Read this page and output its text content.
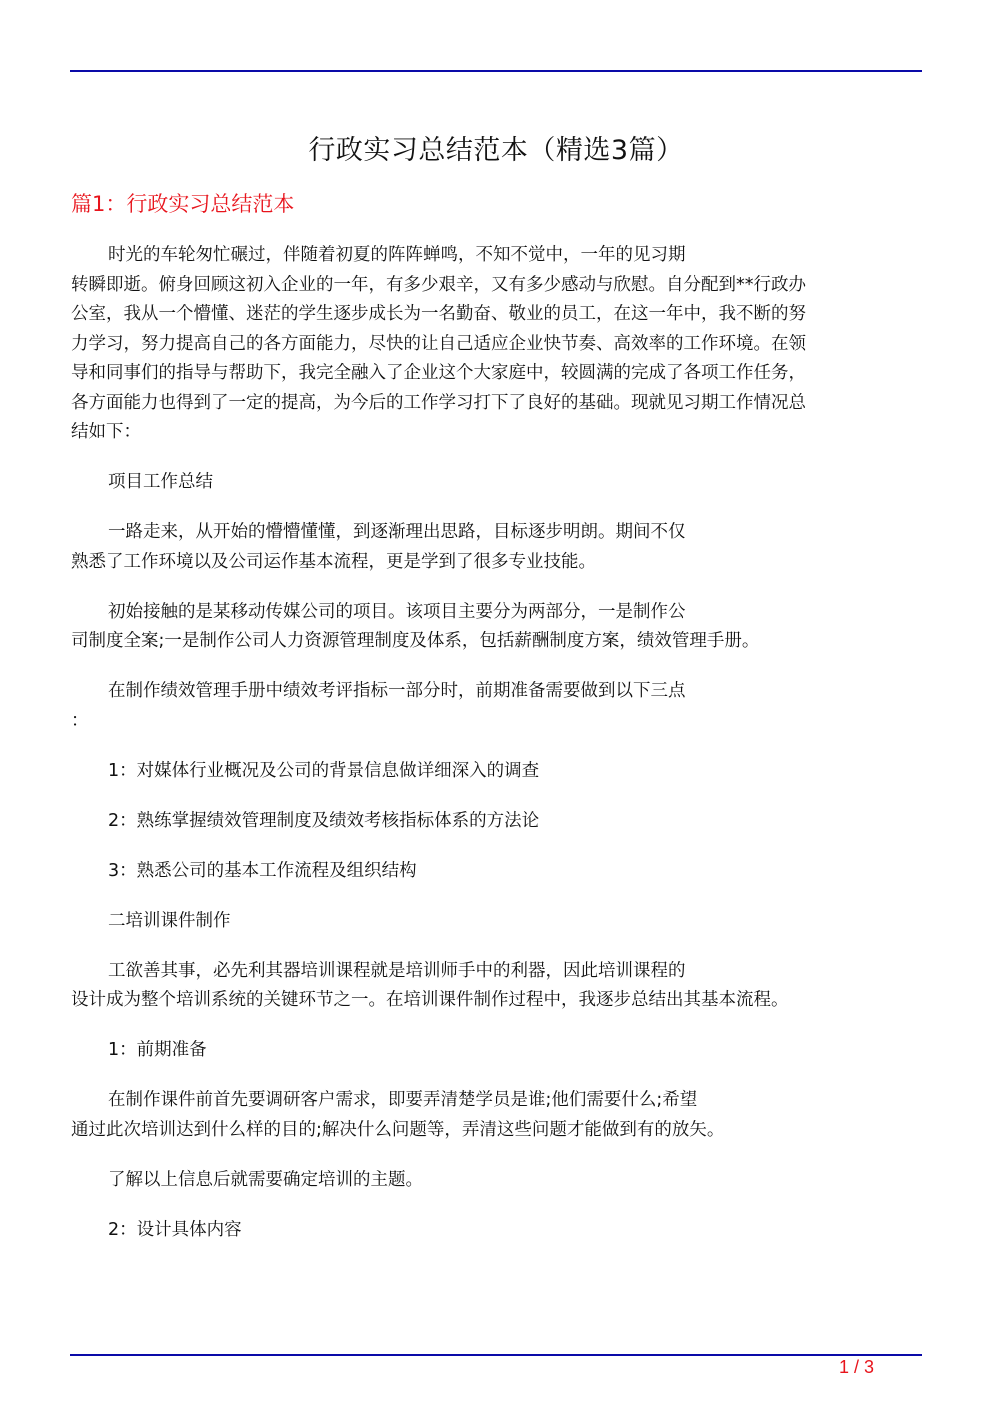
行政实习总结范本（精选3篇）
篇1：行政实习总结范本

时光的车轮匆忙碾过，伴随着初夏的阵阵蝉鸣，不知不觉中，一年的见习期
转瞬即逝。俯身回顾这初入企业的一年，有多少艰辛，又有多少感动与欣慰。自分配到**行政办
公室，我从一个懵懂、迷茫的学生逐步成长为一名勤奋、敬业的员工，在这一年中，我不断的努
力学习，努力提高自己的各方面能力，尽快的让自己适应企业快节奏、高效率的工作环境。在领
导和同事们的指导与帮助下，我完全融入了企业这个大家庭中，较圆满的完成了各项工作任务，
各方面能力也得到了一定的提高，为今后的工作学习打下了良好的基础。现就见习期工作情况总
结如下：

项目工作总结

一路走来，从开始的懵懵懂懂，到逐渐理出思路，目标逐步明朗。期间不仅
熟悉了工作环境以及公司运作基本流程，更是学到了很多专业技能。

初始接触的是某移动传媒公司的项目。该项目主要分为两部分，一是制作公
司制度全案;一是制作公司人力资源管理制度及体系，包括薪酬制度方案，绩效管理手册。

在制作绩效管理手册中绩效考评指标一部分时，前期准备需要做到以下三点
：

1：对媒体行业概况及公司的背景信息做详细深入的调查

2：熟练掌握绩效管理制度及绩效考核指标体系的方法论

3：熟悉公司的基本工作流程及组织结构

二培训课件制作

工欲善其事，必先利其器培训课程就是培训师手中的利器，因此培训课程的
设计成为整个培训系统的关键环节之一。在培训课件制作过程中，我逐步总结出其基本流程。

1：前期准备

在制作课件前首先要调研客户需求，即要弄清楚学员是谁;他们需要什么;希望
通过此次培训达到什么样的目的;解决什么问题等，弄清这些问题才能做到有的放矢。

了解以上信息后就需要确定培训的主题。

2：设计具体内容

1 / 3
